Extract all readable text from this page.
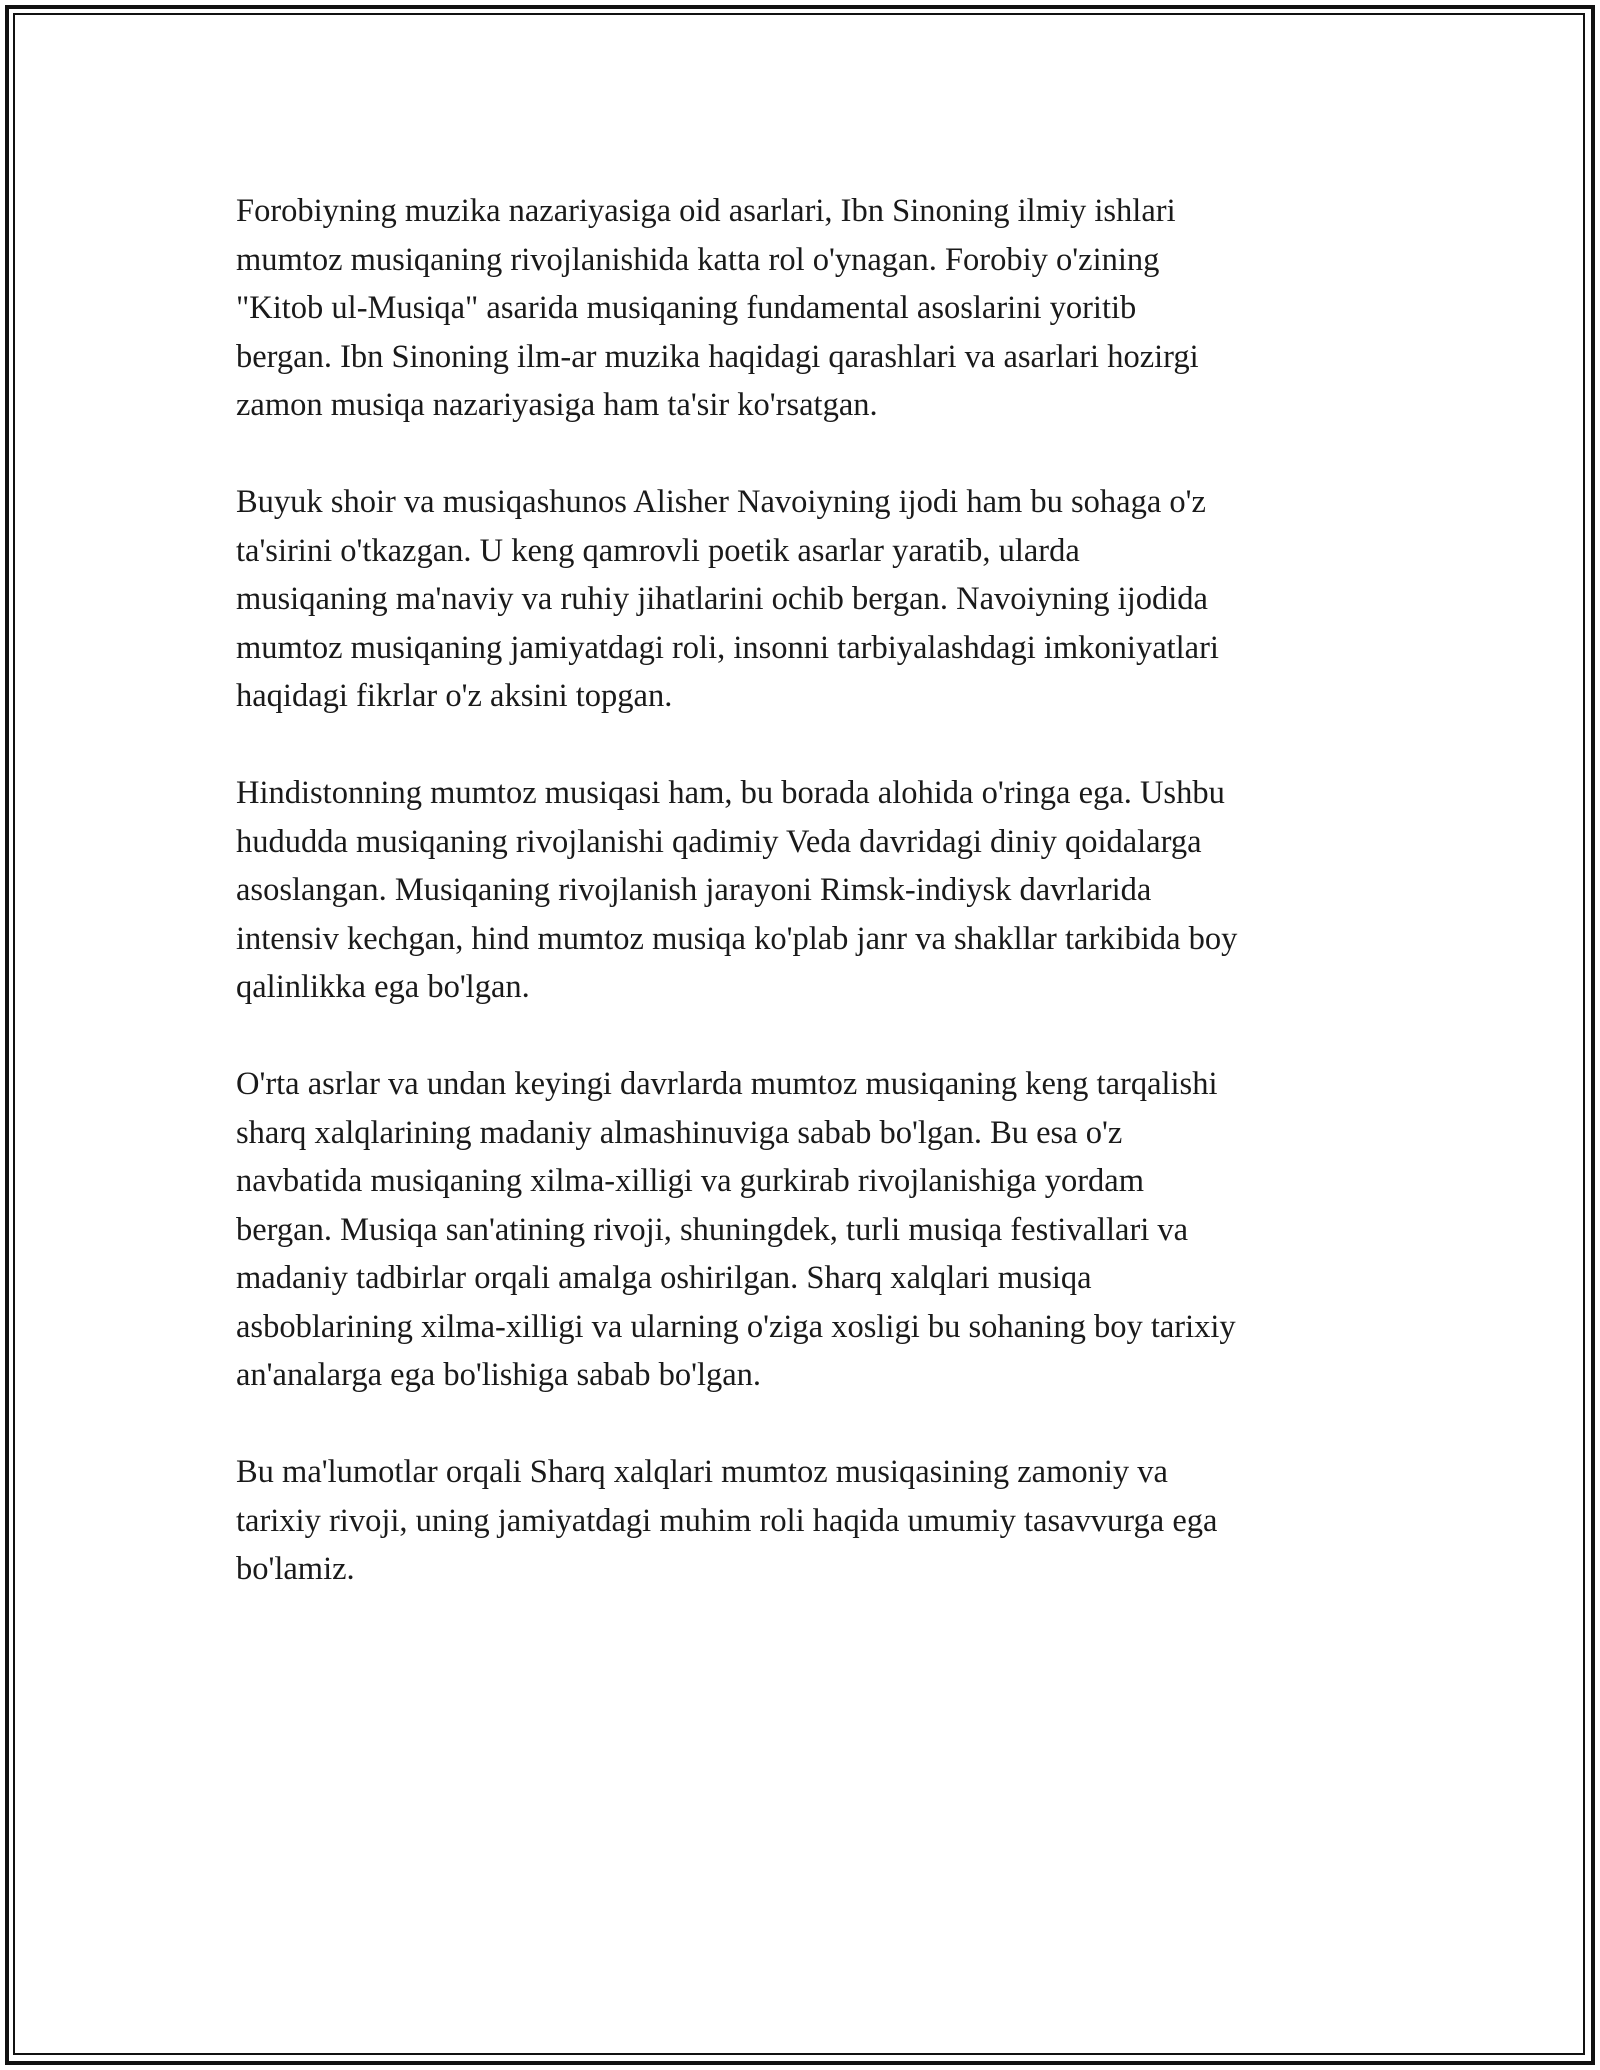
Forobiyning muzika nazariyasiga oid asarlari, Ibn Sinoning ilmiy ishlari
mumtoz musiqaning rivojlanishida katta rol o'ynagan. Forobiy o'zining
"Kitob ul-Musiqa" asarida musiqaning fundamental asoslarini yoritib
bergan. Ibn Sinoning ilm-ar muzika haqidagi qarashlari va asarlari hozirgi
zamon musiqa nazariyasiga ham ta'sir ko'rsatgan.

Buyuk shoir va musiqashunos Alisher Navoiyning ijodi ham bu sohaga o'z
ta'sirini o'tkazgan. U keng qamrovli poetik asarlar yaratib, ularda
musiqaning ma'naviy va ruhiy jihatlarini ochib bergan. Navoiyning ijodida
mumtoz musiqaning jamiyatdagi roli, insonni tarbiyalashdagi imkoniyatlari
haqidagi fikrlar o'z aksini topgan.

Hindistonning mumtoz musiqasi ham, bu borada alohida o'ringa ega. Ushbu
hududda musiqaning rivojlanishi qadimiy Veda davridagi diniy qoidalarga
asoslangan. Musiqaning rivojlanish jarayoni Rimsk-indiysk davrlarida
intensiv kechgan, hind mumtoz musiqa ko'plab janr va shakllar tarkibida boy
qalinlikka ega bo'lgan.

O'rta asrlar va undan keyingi davrlarda mumtoz musiqaning keng tarqalishi
sharq xalqlarining madaniy almashinuviga sabab bo'lgan. Bu esa o'z
navbatida musiqaning xilma-xilligi va gurkirab rivojlanishiga yordam
bergan. Musiqa san'atining rivoji, shuningdek, turli musiqa festivallari va
madaniy tadbirlar orqali amalga oshirilgan. Sharq xalqlari musiqa
asboblarining xilma-xilligi va ularning o'ziga xosligi bu sohaning boy tarixiy
an'analarga ega bo'lishiga sabab bo'lgan.

Bu ma'lumotlar orqali Sharq xalqlari mumtoz musiqasining zamoniy va
tarixiy rivoji, uning jamiyatdagi muhim roli haqida umumiy tasavvurga ega
bo'lamiz.
